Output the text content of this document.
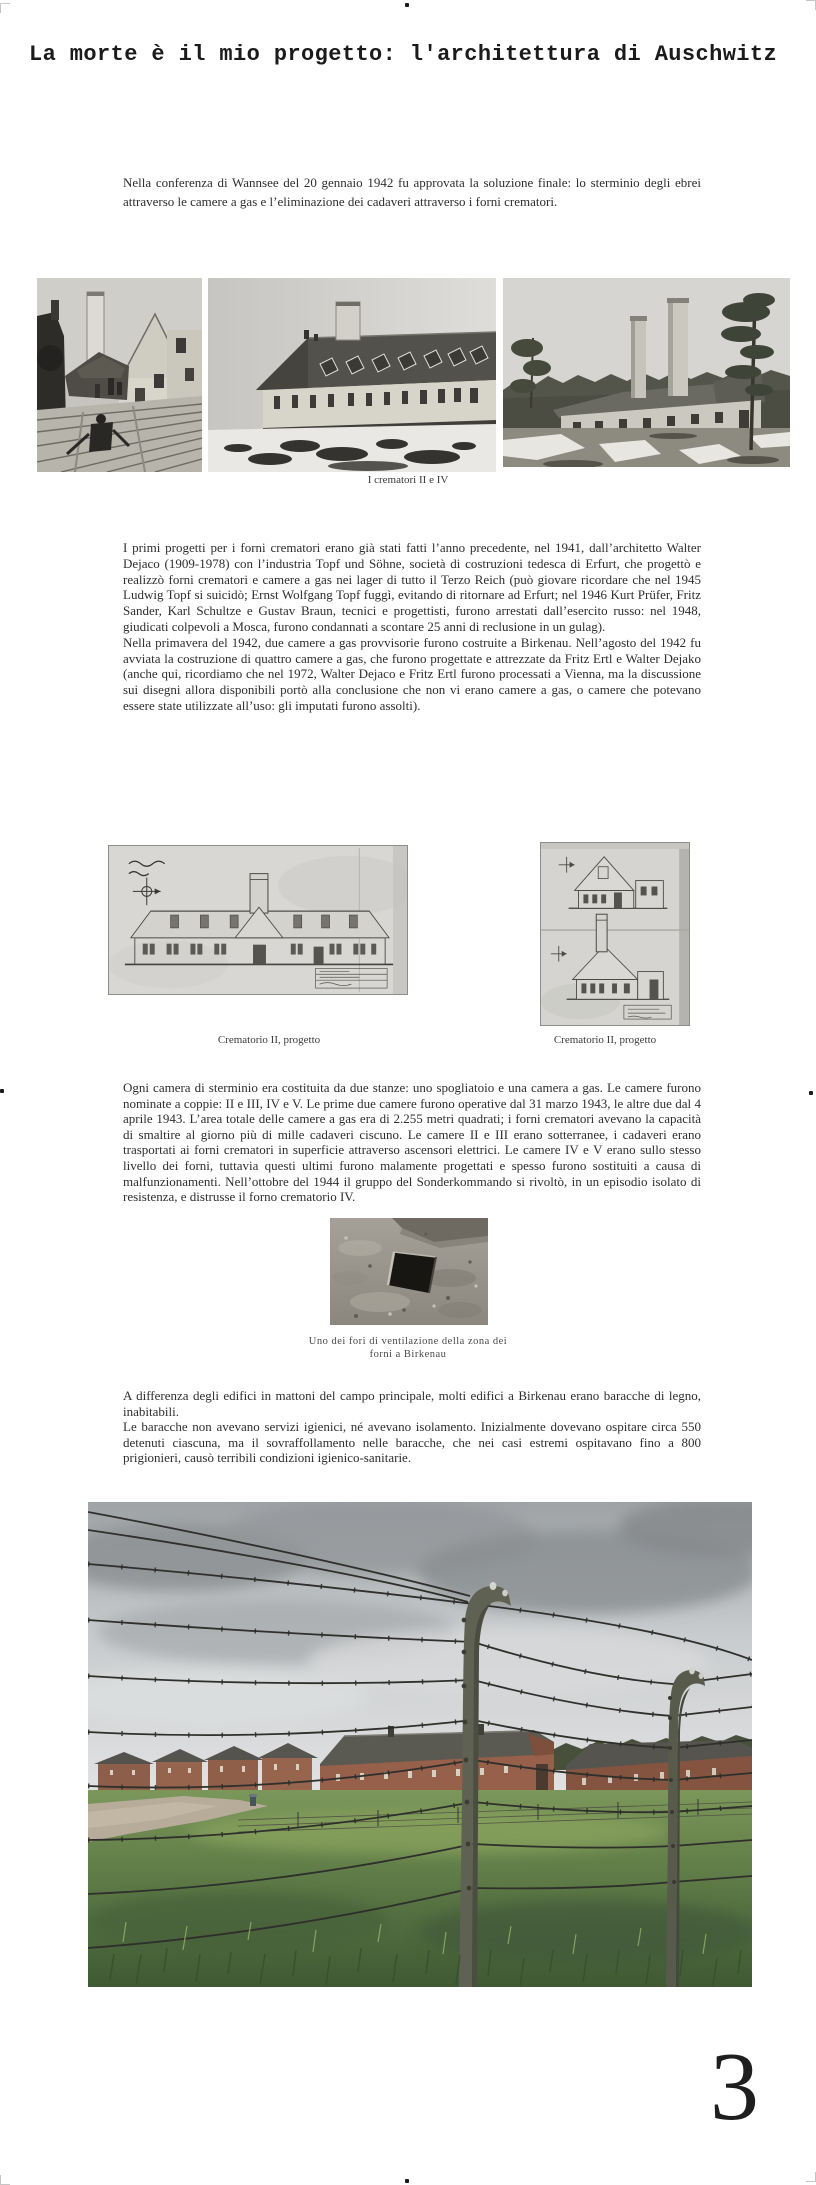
La morte è il mio progetto: l'architettura di Auschwitz

Nella conferenza di Wannsee del 20 gennaio 1942 fu approvata la soluzione finale: lo sterminio degli ebrei attraverso le camere a gas e l’eliminazione dei cadaveri attraverso i forni crematori.

I crematori II e IV

I primi progetti per i forni crematori erano già stati fatti l’anno precedente, nel 1941, dall’architetto Walter Dejaco (1909-1978) con l’industria Topf und Söhne, società di costruzioni tedesca di Erfurt, che progettò e realizzò forni crematori e camere a gas nei lager di tutto il Terzo Reich (può giovare ricordare che nel 1945 Ludwig Topf si suicidò; Ernst Wolfgang Topf fuggì, evitando di ritornare ad Erfurt; nel 1946 Kurt Prüfer, Fritz Sander, Karl Schultze e Gustav Braun, tecnici e progettisti, furono arrestati dall’esercito russo: nel 1948, giudicati colpevoli a Mosca, furono condannati a scontare 25 anni di reclusione in un gulag).

Nella primavera del 1942, due camere a gas provvisorie furono costruite a Birkenau. Nell’agosto del 1942 fu avviata la costruzione di quattro camere a gas, che furono progettate e attrezzate da Fritz Ertl e Walter Dejako (anche qui, ricordiamo che nel 1972, Walter Dejaco e Fritz Ertl furono processati a Vienna, ma la discussione sui disegni allora disponibili portò alla conclusione che non vi erano camere a gas, o camere che potevano essere state utilizzate all’uso: gli imputati furono assolti).

Crematorio II, progetto	Crematorio II, progetto

Ogni camera di sterminio era costituita da due stanze: uno spogliatoio e una camera a gas. Le camere furono nominate a coppie: II e III, IV e V. Le prime due camere furono operative dal 31 marzo 1943, le altre due dal 4 aprile 1943. L’area totale delle camere a gas era di 2.255 metri quadrati; i forni crematori avevano la capacità di smaltire al giorno più di mille cadaveri ciscuno. Le camere II e III erano sotterranee, i cadaveri erano trasportati ai forni crematori in superficie attraverso ascensori elettrici. Le camere IV e V erano sullo stesso livello dei forni, tuttavia questi ultimi furono malamente progettati e spesso furono sostituiti a causa di malfunzionamenti. Nell’ottobre del 1944 il gruppo del Sonderkommando si rivoltò, in un episodio isolato di resistenza, e distrusse il forno crematorio IV.

Uno dei fori di ventilazione della zona dei
forni a Birkenau

A differenza degli edifici in mattoni del campo principale, molti edifici a Birkenau erano baracche di legno, inabitabili.

Le baracche non avevano servizi igienici, né avevano isolamento. Inizialmente dovevano ospitare circa 550 detenuti ciascuna, ma il sovraffollamento nelle baracche, che nei casi estremi ospitavano fino a 800 prigionieri, causò terribili condizioni igienico-sanitarie.

3
